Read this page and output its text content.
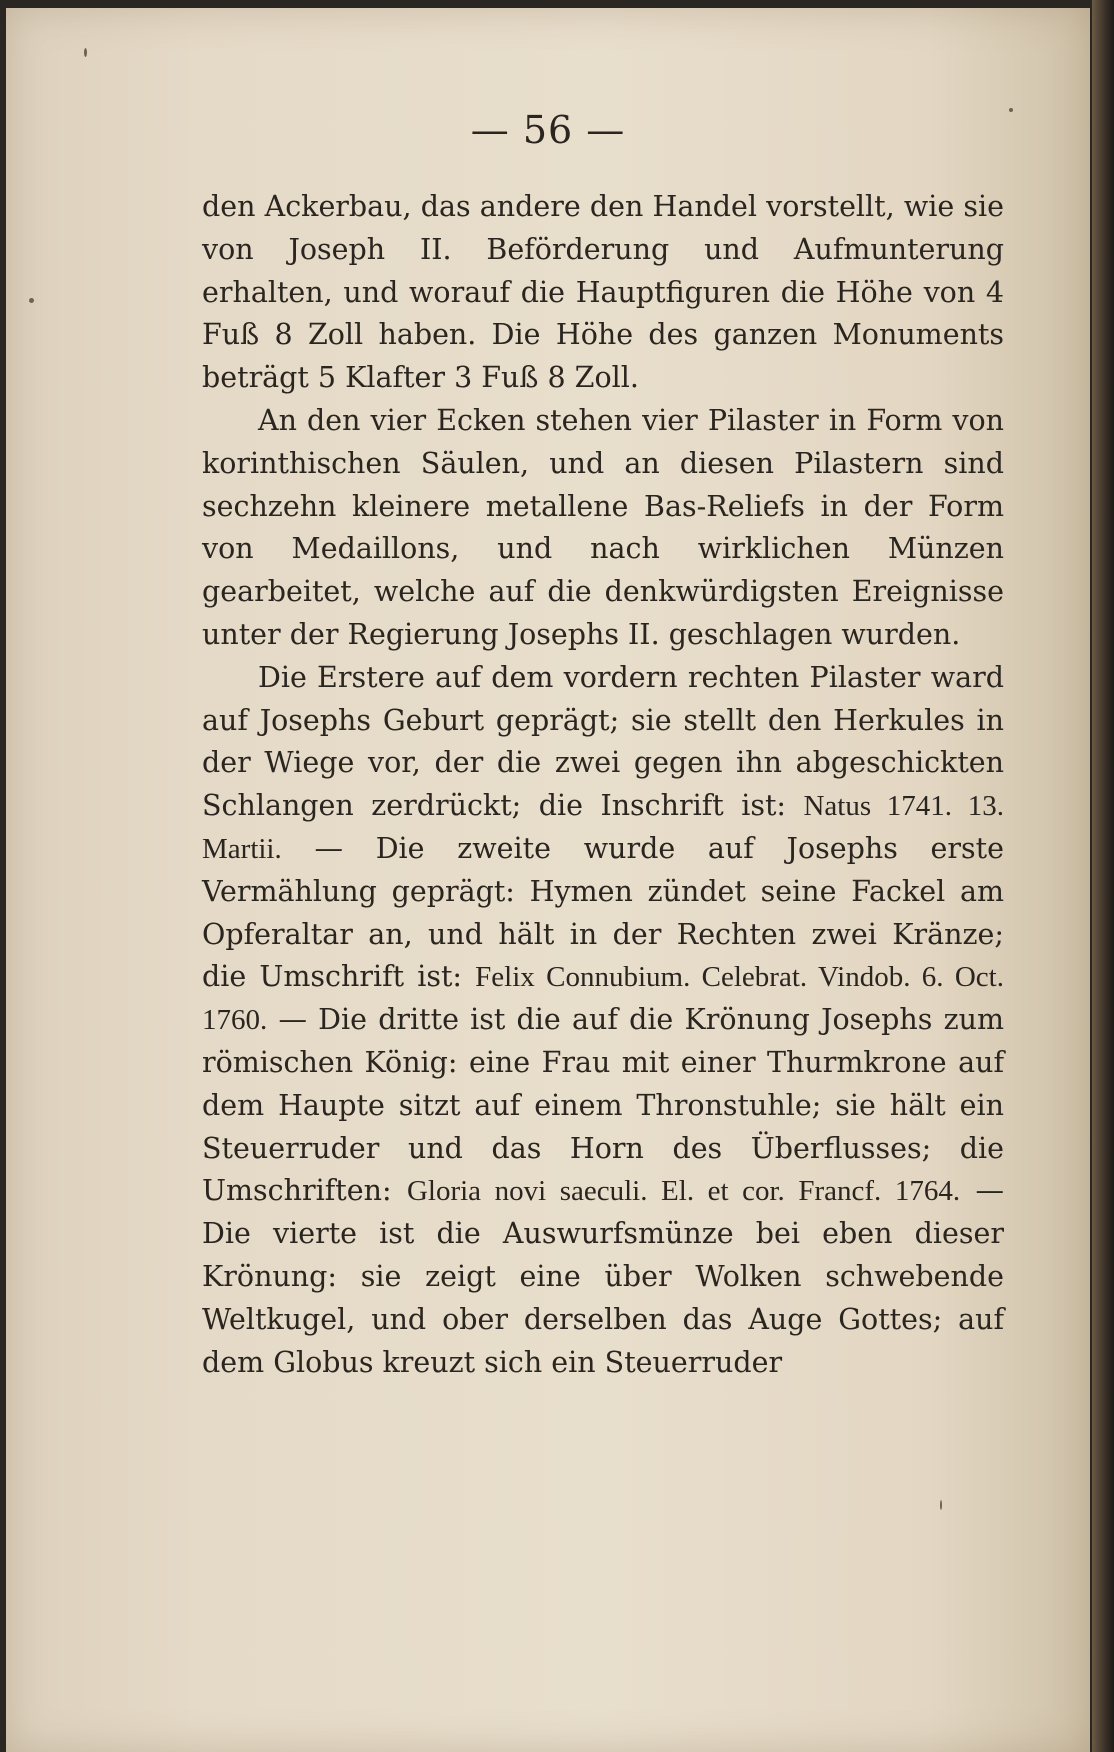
— 56 —

den Ackerbau, das andere den Handel vorstellt, wie sie von Joseph II. Beförderung und Aufmunterung erhalten, und worauf die Hauptfiguren die Höhe von 4 Fuß 8 Zoll haben. Die Höhe des ganzen Monuments beträgt 5 Klafter 3 Fuß 8 Zoll.

An den vier Ecken stehen vier Pilaster in Form von korinthischen Säulen, und an diesen Pilastern sind sechzehn kleinere metallene Bas-Reliefs in der Form von Medaillons, und nach wirklichen Münzen gearbeitet, welche auf die denkwürdigsten Ereignisse unter der Regierung Josephs II. geschlagen wurden.

Die Erstere auf dem vordern rechten Pilaster ward auf Josephs Geburt geprägt; sie stellt den Herkules in der Wiege vor, der die zwei gegen ihn abgeschickten Schlangen zerdrückt; die Inschrift ist: Natus 1741. 13. Martii. — Die zweite wurde auf Josephs erste Vermählung geprägt: Hymen zündet seine Fackel am Opferaltar an, und hält in der Rechten zwei Kränze; die Umschrift ist: Felix Connubium. Celebrat. Vindob. 6. Oct. 1760. — Die dritte ist die auf die Krönung Josephs zum römischen König: eine Frau mit einer Thurmkrone auf dem Haupte sitzt auf einem Thronstuhle; sie hält ein Steuerruder und das Horn des Überflusses; die Umschriften: Gloria novi saeculi. El. et cor. Francf. 1764. — Die vierte ist die Auswurfsmünze bei eben dieser Krönung: sie zeigt eine über Wolken schwebende Weltkugel, und ober derselben das Auge Gottes; auf dem Globus kreuzt sich ein Steuerruder
